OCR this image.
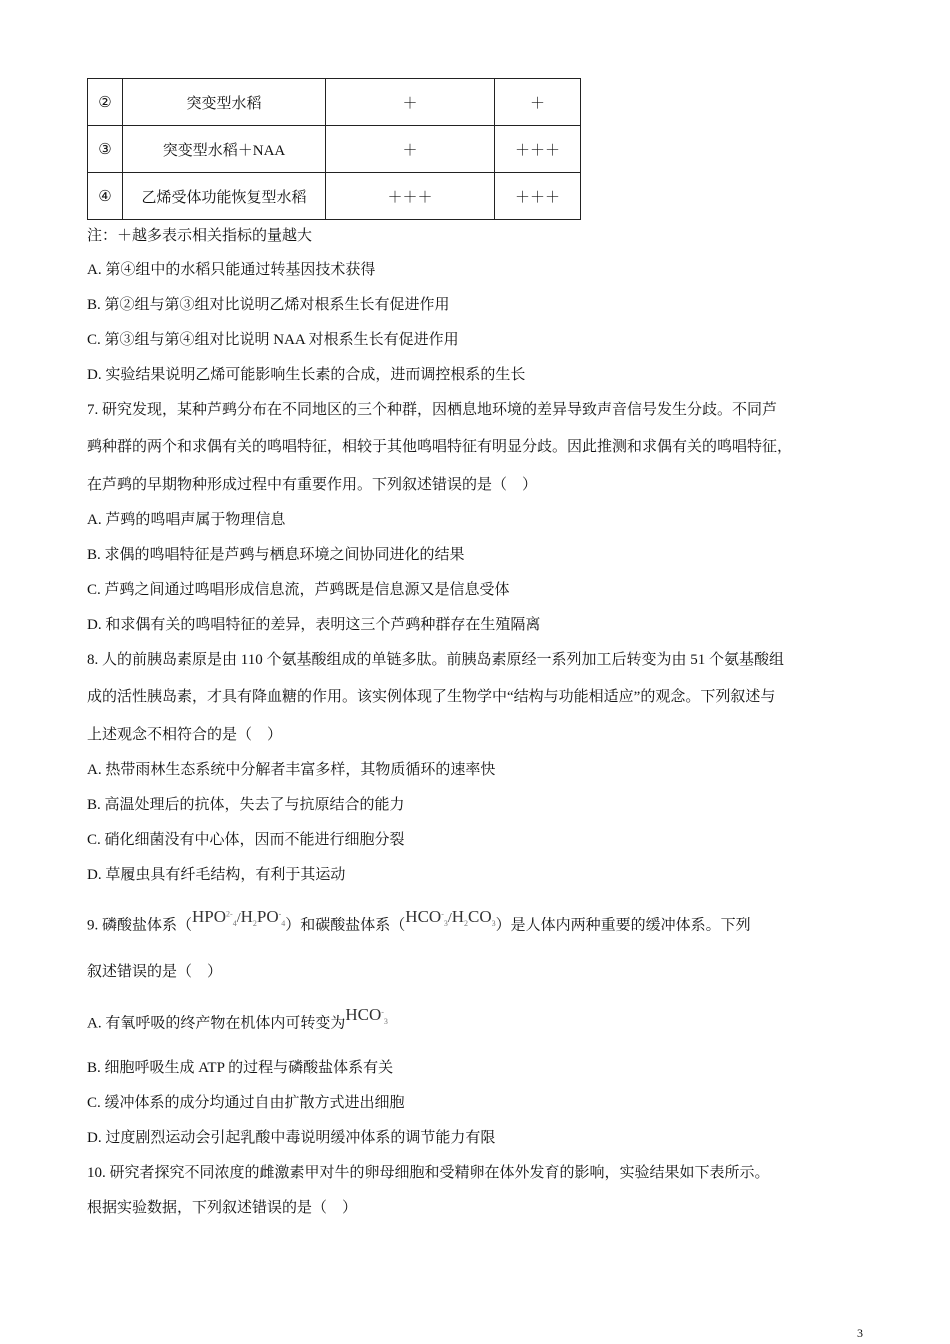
②	突变型水稻	＋	＋
③	突变型水稻＋NAA	＋	＋＋＋
④	乙烯受体功能恢复型水稻	＋＋＋	＋＋＋
注：＋越多表示相关指标的量越大
A. 第④组中的水稻只能通过转基因技术获得
B. 第②组与第③组对比说明乙烯对根系生长有促进作用
C. 第③组与第④组对比说明 NAA 对根系生长有促进作用
D. 实验结果说明乙烯可能影响生长素的合成，进而调控根系的生长
7. 研究发现，某种芦鹀分布在不同地区的三个种群，因栖息地环境的差异导致声音信号发生分歧。不同芦
鹀种群的两个和求偶有关的鸣唱特征，相较于其他鸣唱特征有明显分歧。因此推测和求偶有关的鸣唱特征，
在芦鹀的早期物种形成过程中有重要作用。下列叙述错误的是（　）
A. 芦鹀的鸣唱声属于物理信息
B. 求偶的鸣唱特征是芦鹀与栖息环境之间协同进化的结果
C. 芦鹀之间通过鸣唱形成信息流，芦鹀既是信息源又是信息受体
D. 和求偶有关的鸣唱特征的差异，表明这三个芦鹀种群存在生殖隔离
8. 人的前胰岛素原是由 110 个氨基酸组成的单链多肽。前胰岛素原经一系列加工后转变为由 51 个氨基酸组
成的活性胰岛素，才具有降血糖的作用。该实例体现了生物学中“结构与功能相适应”的观念。下列叙述与
上述观念不相符合的是（　）
A. 热带雨林生态系统中分解者丰富多样，其物质循环的速率快
B. 高温处理后的抗体，失去了与抗原结合的能力
C. 硝化细菌没有中心体，因而不能进行细胞分裂
D. 草履虫具有纤毛结构，有利于其运动
9. 磷酸盐体系$(HPO^{2-}_4/H_2PO^-_4)$和碳酸盐体系$(HCO^-_3/H_2CO_3)$是人体内两种重要的缓冲体系。下列
叙述错误的是（　）
A. 有氧呼吸的终产物在机体内可转变为$HCO^-_3$
B. 细胞呼吸生成 ATP 的过程与磷酸盐体系有关
C. 缓冲体系的成分均通过自由扩散方式进出细胞
D. 过度剧烈运动会引起乳酸中毒说明缓冲体系的调节能力有限
10. 研究者探究不同浓度的雌激素甲对牛的卵母细胞和受精卵在体外发育的影响，实验结果如下表所示。
根据实验数据，下列叙述错误的是（　）
3
